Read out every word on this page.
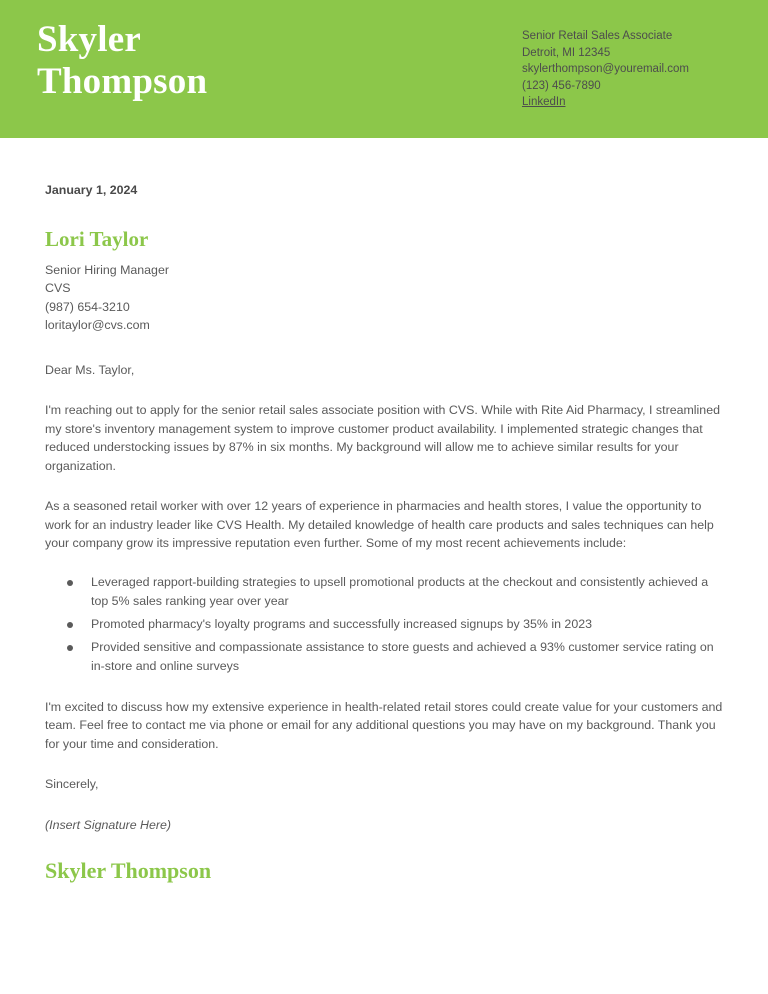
Skyler
Thompson
Senior Retail Sales Associate
Detroit, MI 12345
skylerthompson@youremail.com
(123) 456-7890
LinkedIn
January 1, 2024
Lori Taylor
Senior Hiring Manager
CVS
(987) 654-3210
loritaylor@cvs.com
Dear Ms. Taylor,

I'm reaching out to apply for the senior retail sales associate position with CVS. While with Rite Aid Pharmacy, I streamlined my store's inventory management system to improve customer product availability. I implemented strategic changes that reduced understocking issues by 87% in six months. My background will allow me to achieve similar results for your organization.

As a seasoned retail worker with over 12 years of experience in pharmacies and health stores, I value the opportunity to work for an industry leader like CVS Health. My detailed knowledge of health care products and sales techniques can help your company grow its impressive reputation even further. Some of my most recent achievements include:

Leveraged rapport-building strategies to upsell promotional products at the checkout and consistently achieved a top 5% sales ranking year over year
Promoted pharmacy's loyalty programs and successfully increased signups by 35% in 2023
Provided sensitive and compassionate assistance to store guests and achieved a 93% customer service rating on in-store and online surveys

I'm excited to discuss how my extensive experience in health-related retail stores could create value for your customers and team. Feel free to contact me via phone or email for any additional questions you may have on my background. Thank you for your time and consideration.

Sincerely,
(Insert Signature Here)
Skyler Thompson
